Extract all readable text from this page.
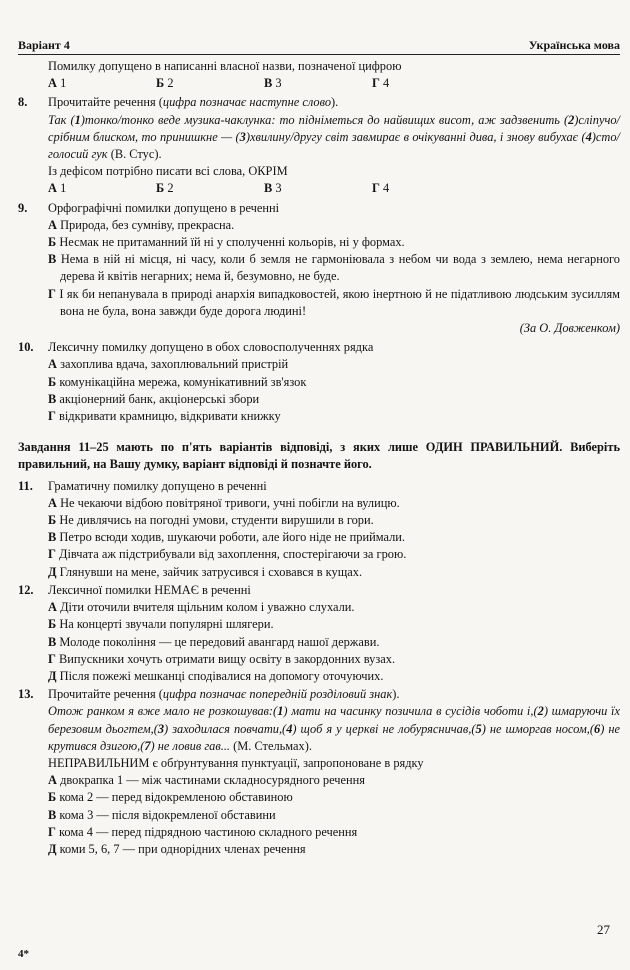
Варіант 4	Українська мова
Помилку допущено в написанні власної назви, позначеної цифрою
А 1	Б 2	В 3	Г 4
8. Прочитайте речення (цифра позначає наступне слово).
Так (1)тонко/тонко веде музика-чаклунка: то підніметься до найвищих висот, аж задзвенить (2)сліпучо/срібним блиском, то принишкне — (3)хвилину/другу світ завмирає в очікуванні дива, і знову вибухає (4)сто/голосий гук (В. Стус).
Із дефісом потрібно писати всі слова, ОКРІМ
А 1	Б 2	В 3	Г 4
9. Орфографічні помилки допущено в реченні
А Природа, без сумніву, прекрасна.
Б Несмак не притаманний їй ні у сполученні кольорів, ні у формах.
В Нема в ній ні місця, ні часу, коли б земля не гармоніювала з небом чи вода з землею, нема негарного дерева й квітів негарних; нема й, безумовно, не буде.
Г І як би непанувала в природі анархія випадковостей, якою інертною й не підатливою людським зусиллям вона не була, вона завжди буде дорога людині!
(За О. Довженком)
10. Лексичну помилку допущено в обох словосполученнях рядка
А захоплива вдача, захоплювальний пристрій
Б комунікаційна мережа, комунікативний зв'язок
В акціонерний банк, акціонерські збори
Г відкривати крамницю, відкривати книжку
Завдання 11–25 мають по п'ять варіантів відповіді, з яких лише ОДИН ПРАВИЛЬНИЙ. Виберіть правильний, на Вашу думку, варіант відповіді й позначте його.
11. Граматичну помилку допущено в реченні
А Не чекаючи відбою повітряної тривоги, учні побігли на вулицю.
Б Не дивлячись на погодні умови, студенти вирушили в гори.
В Петро всюди ходив, шукаючи роботи, але його ніде не приймали.
Г Дівчата аж підстрибували від захоплення, спостерігаючи за грою.
Д Глянувши на мене, зайчик затрусився і сховався в кущах.
12. Лексичної помилки НЕМАЄ в реченні
А Діти оточили вчителя щільним колом і уважно слухали.
Б На концерті звучали популярні шлягери.
В Молоде покоління — це передовий авангард нашої держави.
Г Випускники хочуть отримати вищу освіту в закордонних вузах.
Д Після пожежі мешканці сподівалися на допомогу оточуючих.
13. Прочитайте речення (цифра позначає попередній розділовий знак).
Отож ранком я вже мало не розкошував:(1) мати на часинку позичила в сусідів чоботи і,(2) шмаруючи їх березовим дьогтем,(3) заходилася повчати,(4) щоб я у церкві не лобурясничав,(5) не шморгав носом,(6) не крутився дзигою,(7) не ловив гав... (М. Стельмах).
НЕПРАВИЛЬНИМ є обґрунтування пунктуації, запропоноване в рядку
А двокрапка 1 — між частинами складносурядного речення
Б кома 2 — перед відокремленою обставиною
В кома 3 — після відокремленої обставини
Г кома 4 — перед підрядною частиною складного речення
Д коми 5, 6, 7 — при однорідних членах речення
27
4*
